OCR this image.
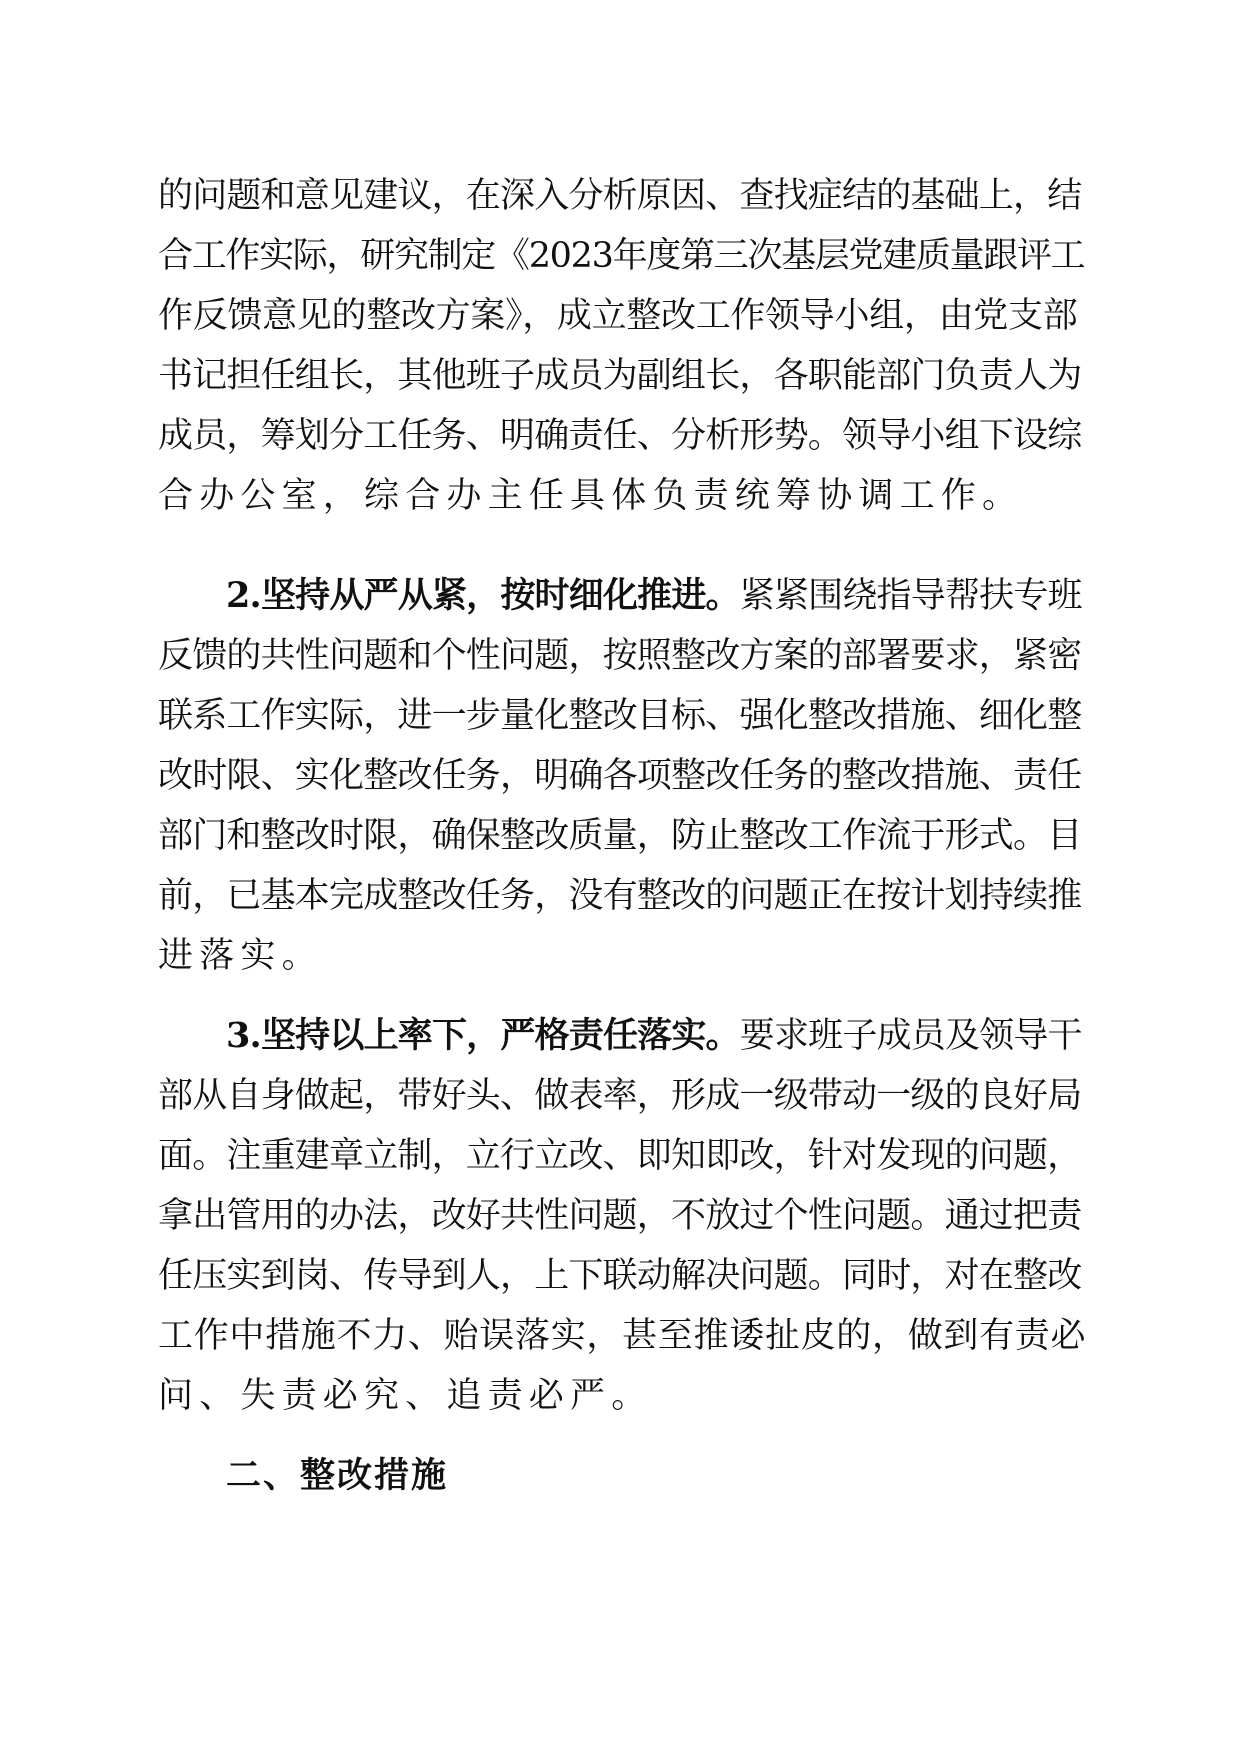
的问题和意见建议，在深入分析原因、查找症结的基础上，结
合工作实际，研究制定《2023年度第三次基层党建质量跟评工
作反馈意见的整改方案》，成立整改工作领导小组，由党支部
书记担任组长，其他班子成员为副组长，各职能部门负责人为
成员，筹划分工任务、明确责任、分析形势。领导小组下设综
合办公室，综合办主任具体负责统筹协调工作。
2.坚持从严从紧，按时细化推进。紧紧围绕指导帮扶专班
反馈的共性问题和个性问题，按照整改方案的部署要求，紧密
联系工作实际，进一步量化整改目标、强化整改措施、细化整
改时限、实化整改任务，明确各项整改任务的整改措施、责任
部门和整改时限，确保整改质量，防止整改工作流于形式。目
前，已基本完成整改任务，没有整改的问题正在按计划持续推
进落实。
3.坚持以上率下，严格责任落实。要求班子成员及领导干
部从自身做起，带好头、做表率，形成一级带动一级的良好局
面。注重建章立制，立行立改、即知即改，针对发现的问题，
拿出管用的办法，改好共性问题，不放过个性问题。通过把责
任压实到岗、传导到人，上下联动解决问题。同时，对在整改
工作中措施不力、贻误落实，甚至推诿扯皮的，做到有责必
问、失责必究、追责必严。
二、整改措施
